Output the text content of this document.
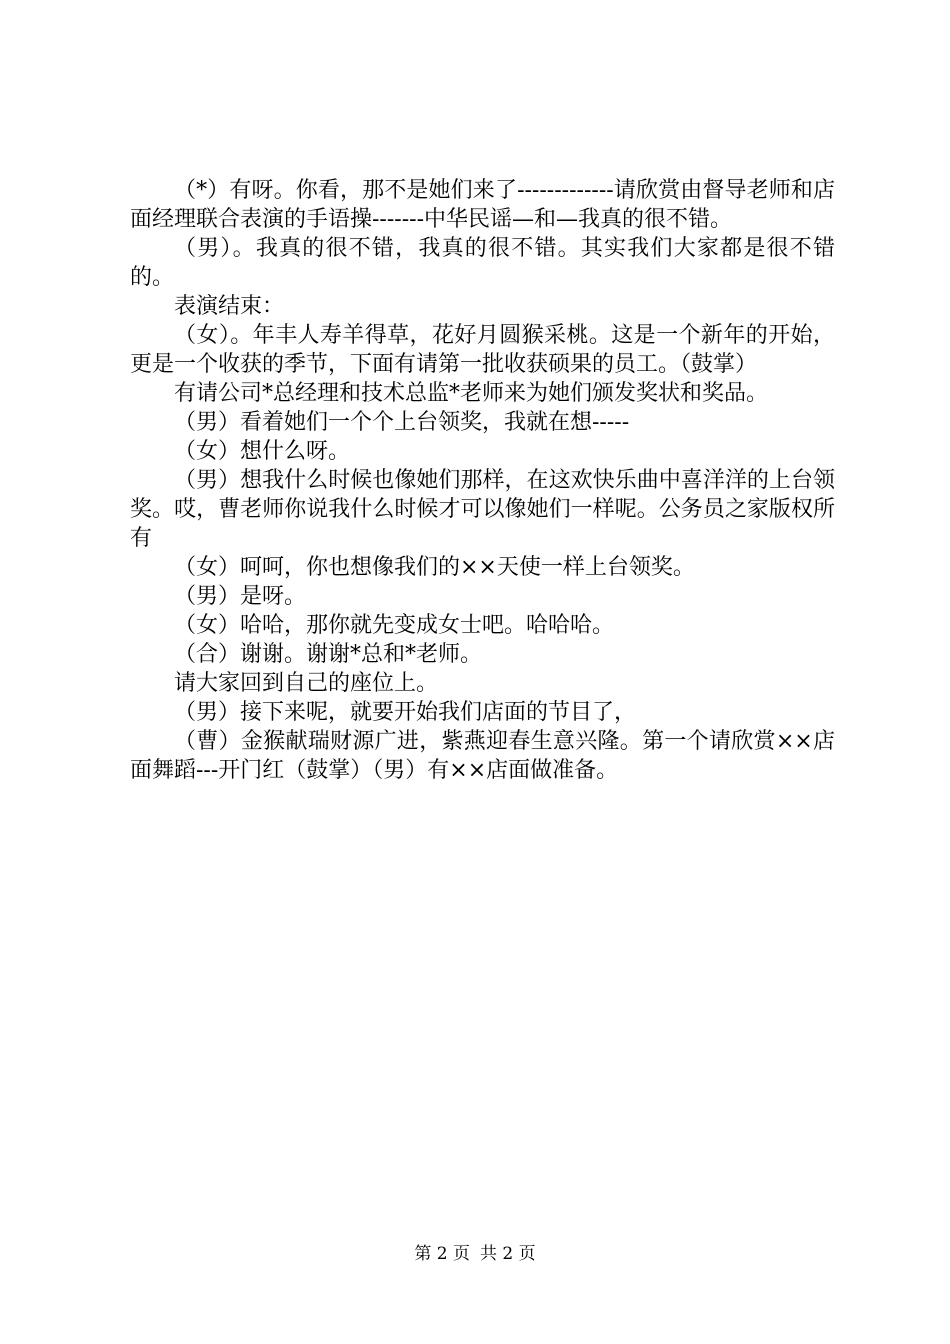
（*）有呀。你看，那不是她们来了-------------请欣赏由督导老师和店面经理联合表演的手语操-------中华民谣—和—我真的很不错。

（男）。我真的很不错，我真的很不错。其实我们大家都是很不错的。

表演结束：

（女）。年丰人寿羊得草，花好月圆猴采桃。这是一个新年的开始，更是一个收获的季节，下面有请第一批收获硕果的员工。（鼓掌）

有请公司*总经理和技术总监*老师来为她们颁发奖状和奖品。

（男）看着她们一个个上台领奖，我就在想-----

（女）想什么呀。

（男）想我什么时候也像她们那样，在这欢快乐曲中喜洋洋的上台领奖。哎，曹老师你说我什么时候才可以像她们一样呢。公务员之家版权所有

（女）呵呵，你也想像我们的××天使一样上台领奖。

（男）是呀。

（女）哈哈，那你就先变成女士吧。哈哈哈。

（合）谢谢。谢谢*总和*老师。

请大家回到自己的座位上。

（男）接下来呢，就要开始我们店面的节目了，

（曹）金猴献瑞财源广进，紫燕迎春生意兴隆。第一个请欣赏××店面舞蹈---开门红（鼓掌）（男）有××店面做准备。

第 2 页 共 2 页
